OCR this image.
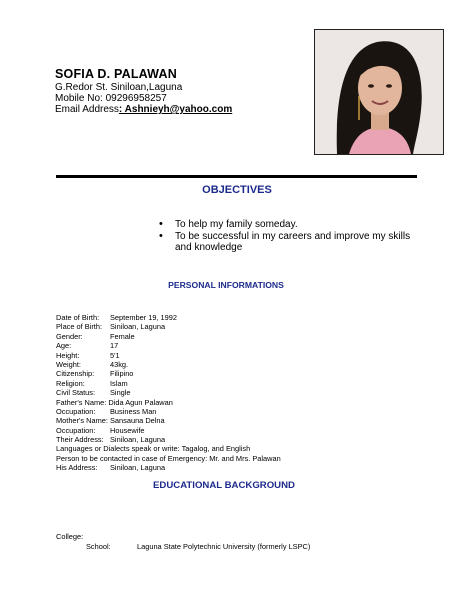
SOFIA D. PALAWAN
G.Redor St. Siniloan,Laguna
Mobile No: 09296958257
Email Address: Ashnieyh@yahoo.com
OBJECTIVES
• To help my family someday.
• To be successful in my careers and improve my skills and knowledge
PERSONAL INFORMATIONS
Date of Birth: September 19, 1992
Place of Birth: Siniloan, Laguna
Gender:	Female
Age:	17
Height:	5'1
Weight:	43kg.
Citizenship: Filipino
Religion:	Islam
Civil Status: Single
Father's Name: Dida Agun Palawan
Occupation: Business Man
Mother's Name: Sansauna Delna
Occupation: Housewife
Their Address: Siniloan, Laguna
Languages or Dialects speak or write: Tagalog, and English
Person to be contacted in case of Emergency: Mr. and Mrs. Palawan
His Address: Siniloan, Laguna
EDUCATIONAL BACKGROUND
College:
School:	Laguna State Polytechnic University (formerly LSPC)
